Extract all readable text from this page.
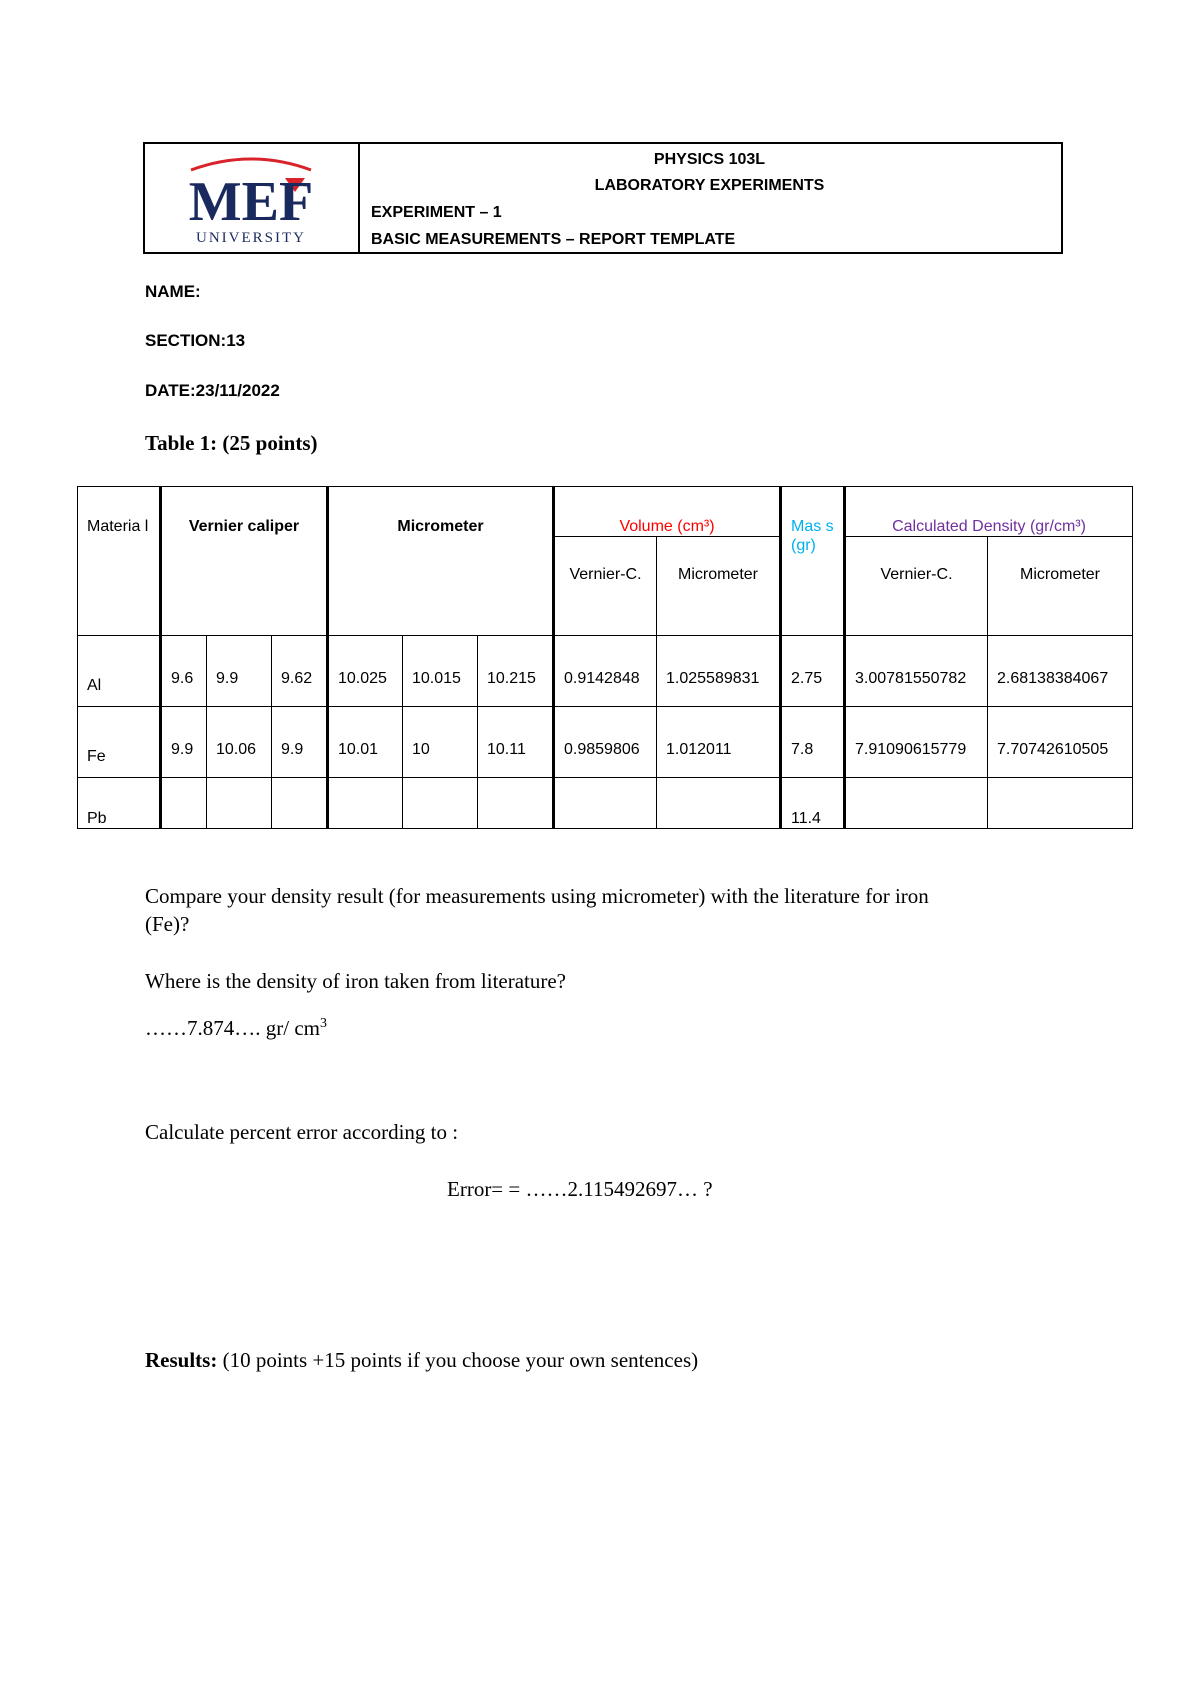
MEF
UNIVERSITY
PHYSICS 103L
LABORATORY EXPERIMENTS
EXPERIMENT – 1
BASIC MEASUREMENTS – REPORT TEMPLATE
NAME:
SECTION:13
DATE:23/11/2022
Table 1: (25 points)
Materia l	Vernier caliper			Micrometer			Volume (cm³)		Mas s (gr)	Calculated Density (gr/cm³)	
							Vernier-C.	Micrometer		Vernier-C.	Micrometer
Al	9.6	9.9	9.62	10.025	10.015	10.215	0.9142848	1.025589831	2.75	3.00781550782	2.68138384067
Fe	9.9	10.06	9.9	10.01	10	10.11	0.9859806	1.012011	7.8	7.91090615779	7.70742610505
Pb									11.4		
Compare your density result (for measurements using micrometer) with the literature for iron
(Fe)?
Where is the density of iron taken from literature?
……7.874…. gr/ $cm^3$
Calculate percent error according to :
Error= = ……2.115492697… ?
Results: (10 points +15 points if you choose your own sentences)
